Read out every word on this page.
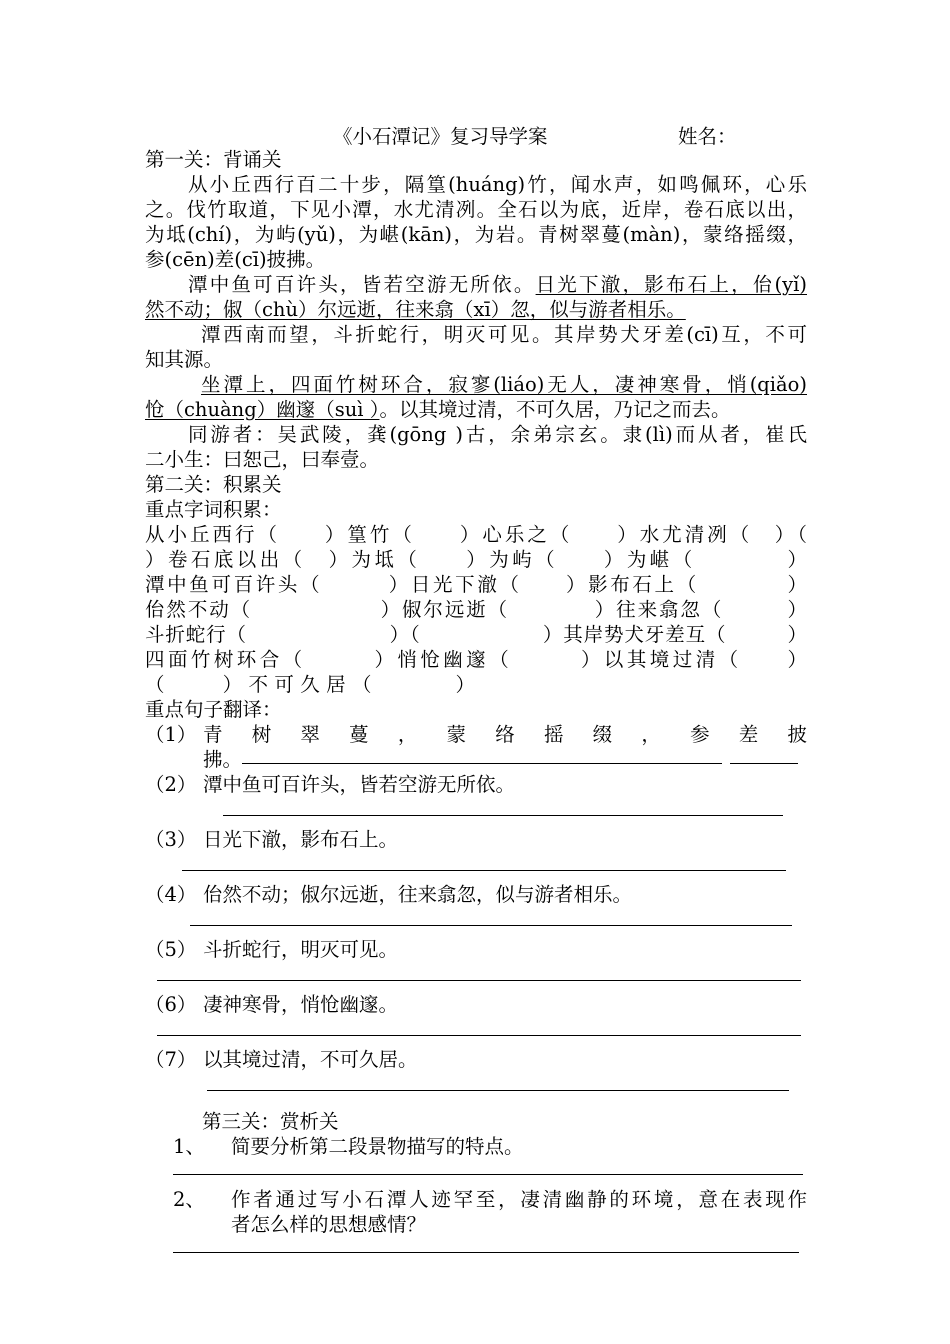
《小石潭记》复习导学案	姓名：
第一关：背诵关
从小丘西行百二十步，隔篁(huáng)竹，闻水声，如鸣佩环，心乐
之。伐竹取道，下见小潭，水尤清冽。全石以为底，近岸，卷石底以出，
为坻(chí)，为屿(yǔ)，为嵁(kān)，为岩。青树翠蔓(màn)，蒙络摇缀，
参(cēn)差(cī)披拂。
潭中鱼可百许头，皆若空游无所依。日光下澈，影布石上，佁(yǐ)
然不动；俶（chù）尔远逝，往来翕（xī）忽，似与游者相乐。
潭西南而望，斗折蛇行，明灭可见。其岸势犬牙差(cī)互，不可
知其源。
坐潭上，四面竹树环合，寂寥(liáo)无人，凄神寒骨，悄(qiǎo)
怆（chuàng）幽邃（suì ）。以其境过清，不可久居，乃记之而去。
同游者：吴武陵，龚(gōng )古，余弟宗玄。隶(lì)而从者，崔氏
二小生：曰恕己，曰奉壹。
第二关：积累关
重点字词积累：
从小丘西行（　　）篁竹（　　）心乐之（　　）水尤清冽（　）（
）卷石底以出（　）为坻（　　）为屿（　　）为嵁（　　　　）
潭中鱼可百许头（　　　）日光下澈（　　）影布石上（　　　　）
佁然不动（　　　　　　）俶尔远逝（　　　　）往来翕忽（　　　）
斗折蛇行（　　　　　　　）（　　　　　　）其岸势犬牙差互（　　　）
四面竹树环合（　　　）悄怆幽邃（　　　）以其境过清（　　）
（　　）不可久居（　　　）
重点句子翻译：
（1） 青树翠蔓，蒙络摇缀，参差披
拂。
（2） 潭中鱼可百许头，皆若空游无所依。
（3） 日光下澈，影布石上。
（4） 佁然不动；俶尔远逝，往来翕忽，似与游者相乐。
（5） 斗折蛇行，明灭可见。
（6） 凄神寒骨，悄怆幽邃。
（7） 以其境过清，不可久居。
第三关：赏析关
1、	简要分析第二段景物描写的特点。
2、	作者通过写小石潭人迹罕至，凄清幽静的环境，意在表现作
者怎么样的思想感情？
